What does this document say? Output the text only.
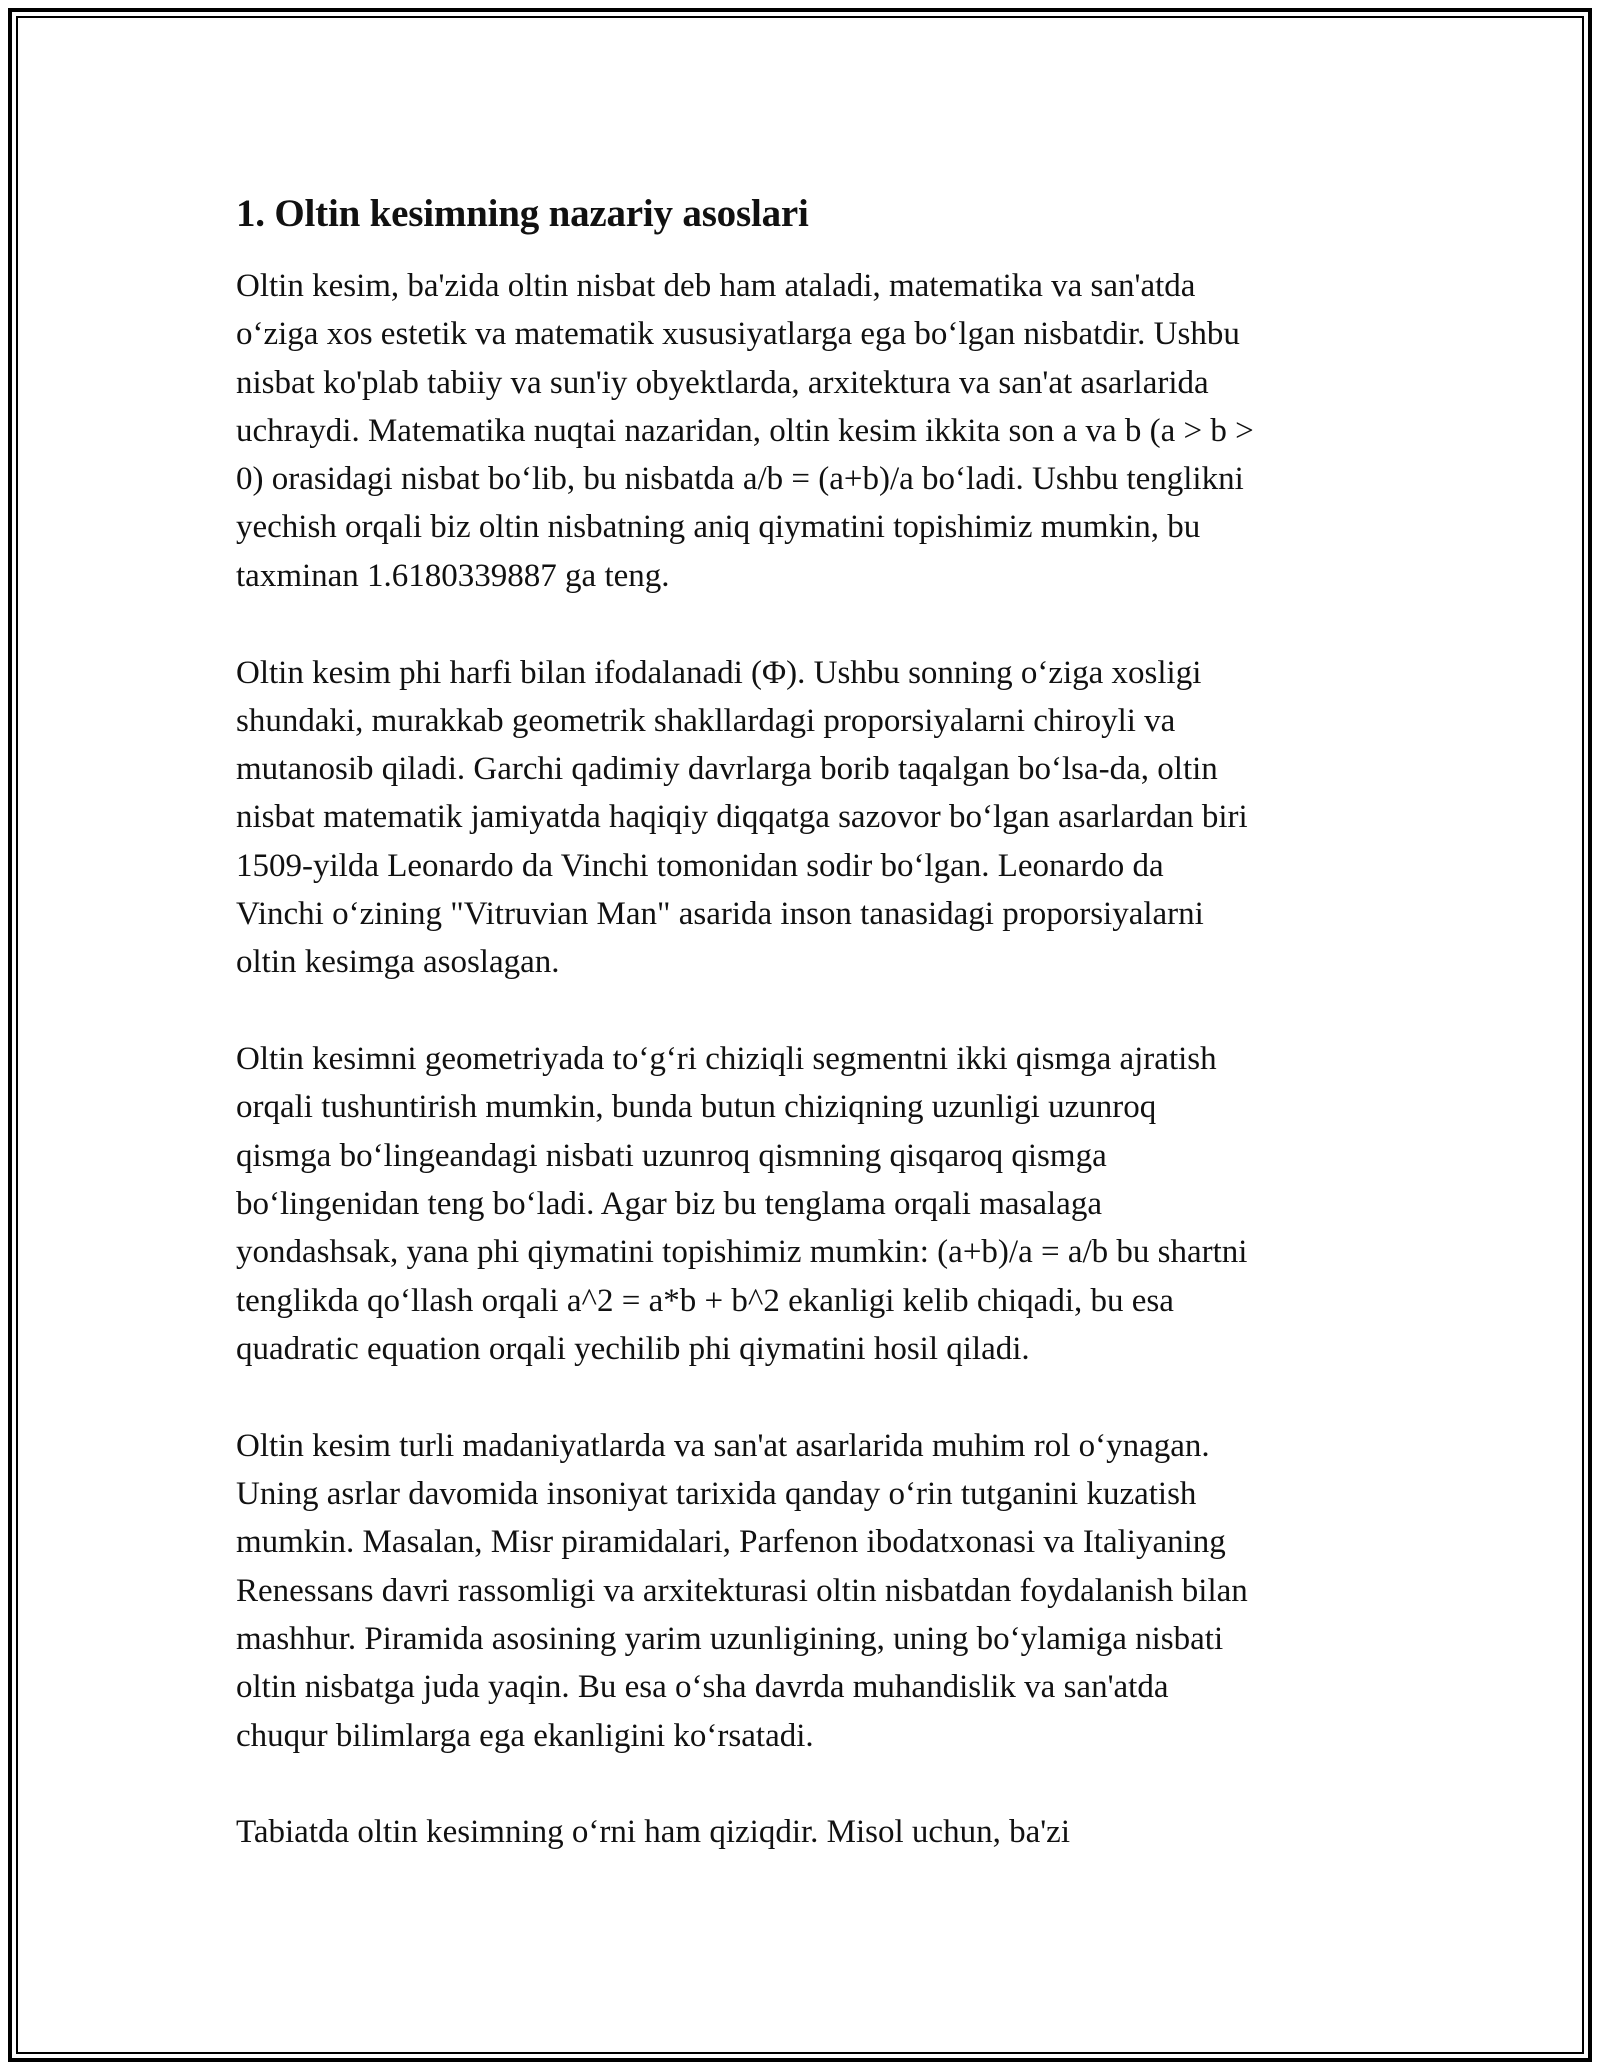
1. Oltin kesimning nazariy asoslari

Oltin kesim, ba'zida oltin nisbat deb ham ataladi, matematika va san'atda
o‘ziga xos estetik va matematik xususiyatlarga ega bo‘lgan nisbatdir. Ushbu
nisbat ko'plab tabiiy va sun'iy obyektlarda, arxitektura va san'at asarlarida
uchraydi. Matematika nuqtai nazaridan, oltin kesim ikkita son a va b (a > b >
0) orasidagi nisbat bo‘lib, bu nisbatda a/b = (a+b)/a bo‘ladi. Ushbu tenglikni
yechish orqali biz oltin nisbatning aniq qiymatini topishimiz mumkin, bu
taxminan 1.6180339887 ga teng.

Oltin kesim phi harfi bilan ifodalanadi (Φ). Ushbu sonning o‘ziga xosligi
shundaki, murakkab geometrik shakllardagi proporsiyalarni chiroyli va
mutanosib qiladi. Garchi qadimiy davrlarga borib taqalgan bo‘lsa-da, oltin
nisbat matematik jamiyatda haqiqiy diqqatga sazovor bo‘lgan asarlardan biri
1509-yilda Leonardo da Vinchi tomonidan sodir bo‘lgan. Leonardo da
Vinchi o‘zining "Vitruvian Man" asarida inson tanasidagi proporsiyalarni
oltin kesimga asoslagan.

Oltin kesimni geometriyada to‘g‘ri chiziqli segmentni ikki qismga ajratish
orqali tushuntirish mumkin, bunda butun chiziqning uzunligi uzunroq
qismga bo‘lingeandagi nisbati uzunroq qismning qisqaroq qismga
bo‘lingenidan teng bo‘ladi. Agar biz bu tenglama orqali masalaga
yondashsak, yana phi qiymatini topishimiz mumkin: (a+b)/a = a/b bu shartni
tenglikda qo‘llash orqali a^2 = a*b + b^2 ekanligi kelib chiqadi, bu esa
quadratic equation orqali yechilib phi qiymatini hosil qiladi.

Oltin kesim turli madaniyatlarda va san'at asarlarida muhim rol o‘ynagan.
Uning asrlar davomida insoniyat tarixida qanday o‘rin tutganini kuzatish
mumkin. Masalan, Misr piramidalari, Parfenon ibodatxonasi va Italiyaning
Renessans davri rassomligi va arxitekturasi oltin nisbatdan foydalanish bilan
mashhur. Piramida asosining yarim uzunligining, uning bo‘ylamiga nisbati
oltin nisbatga juda yaqin. Bu esa o‘sha davrda muhandislik va san'atda
chuqur bilimlarga ega ekanligini ko‘rsatadi.

Tabiatda oltin kesimning o‘rni ham qiziqdir. Misol uchun, ba'zi
